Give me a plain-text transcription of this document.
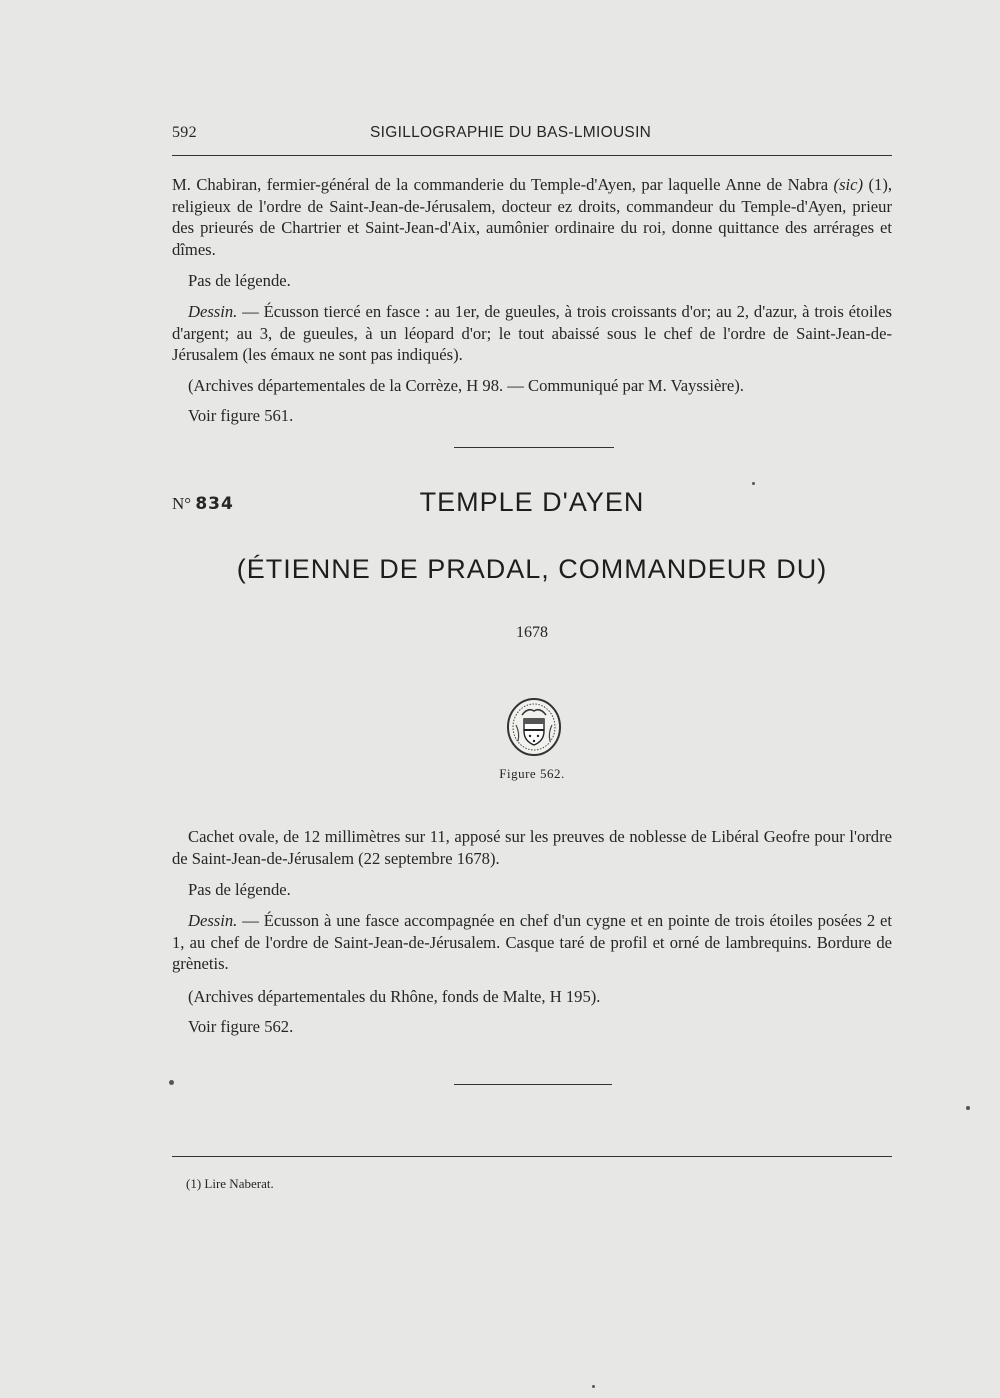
592	SIGILLOGRAPHIE DU BAS-LMIOUSIN

M. Chabiran, fermier-général de la commanderie du Temple-d'Ayen, par laquelle Anne de Nabra (sic) (1), religieux de l'ordre de Saint-Jean-de-Jérusalem, docteur ez droits, commandeur du Temple-d'Ayen, prieur des prieurés de Chartrier et Saint-Jean-d'Aix, aumônier ordinaire du roi, donne quittance des arrérages et dîmes.

Pas de légende.

Dessin. — Écusson tiercé en fasce : au 1er, de gueules, à trois croissants d'or; au 2, d'azur, à trois étoiles d'argent; au 3, de gueules, à un léopard d'or; le tout abaissé sous le chef de l'ordre de Saint-Jean-de-Jérusalem (les émaux ne sont pas indiqués).

(Archives départementales de la Corrèze, H 98. — Communiqué par M. Vayssière).

Voir figure 561.

N° 834	TEMPLE D'AYEN
(ÉTIENNE DE PRADAL, COMMANDEUR DU)
1678
Figure 562.

Cachet ovale, de 12 millimètres sur 11, apposé sur les preuves de noblesse de Libéral Geofre pour l'ordre de Saint-Jean-de-Jérusalem (22 septembre 1678).

Pas de légende.

Dessin. — Écusson à une fasce accompagnée en chef d'un cygne et en pointe de trois étoiles posées 2 et 1, au chef de l'ordre de Saint-Jean-de-Jérusalem. Casque taré de profil et orné de lambrequins. Bordure de grènetis.

(Archives départementales du Rhône, fonds de Malte, H 195).

Voir figure 562.

(1) Lire Naberat.
